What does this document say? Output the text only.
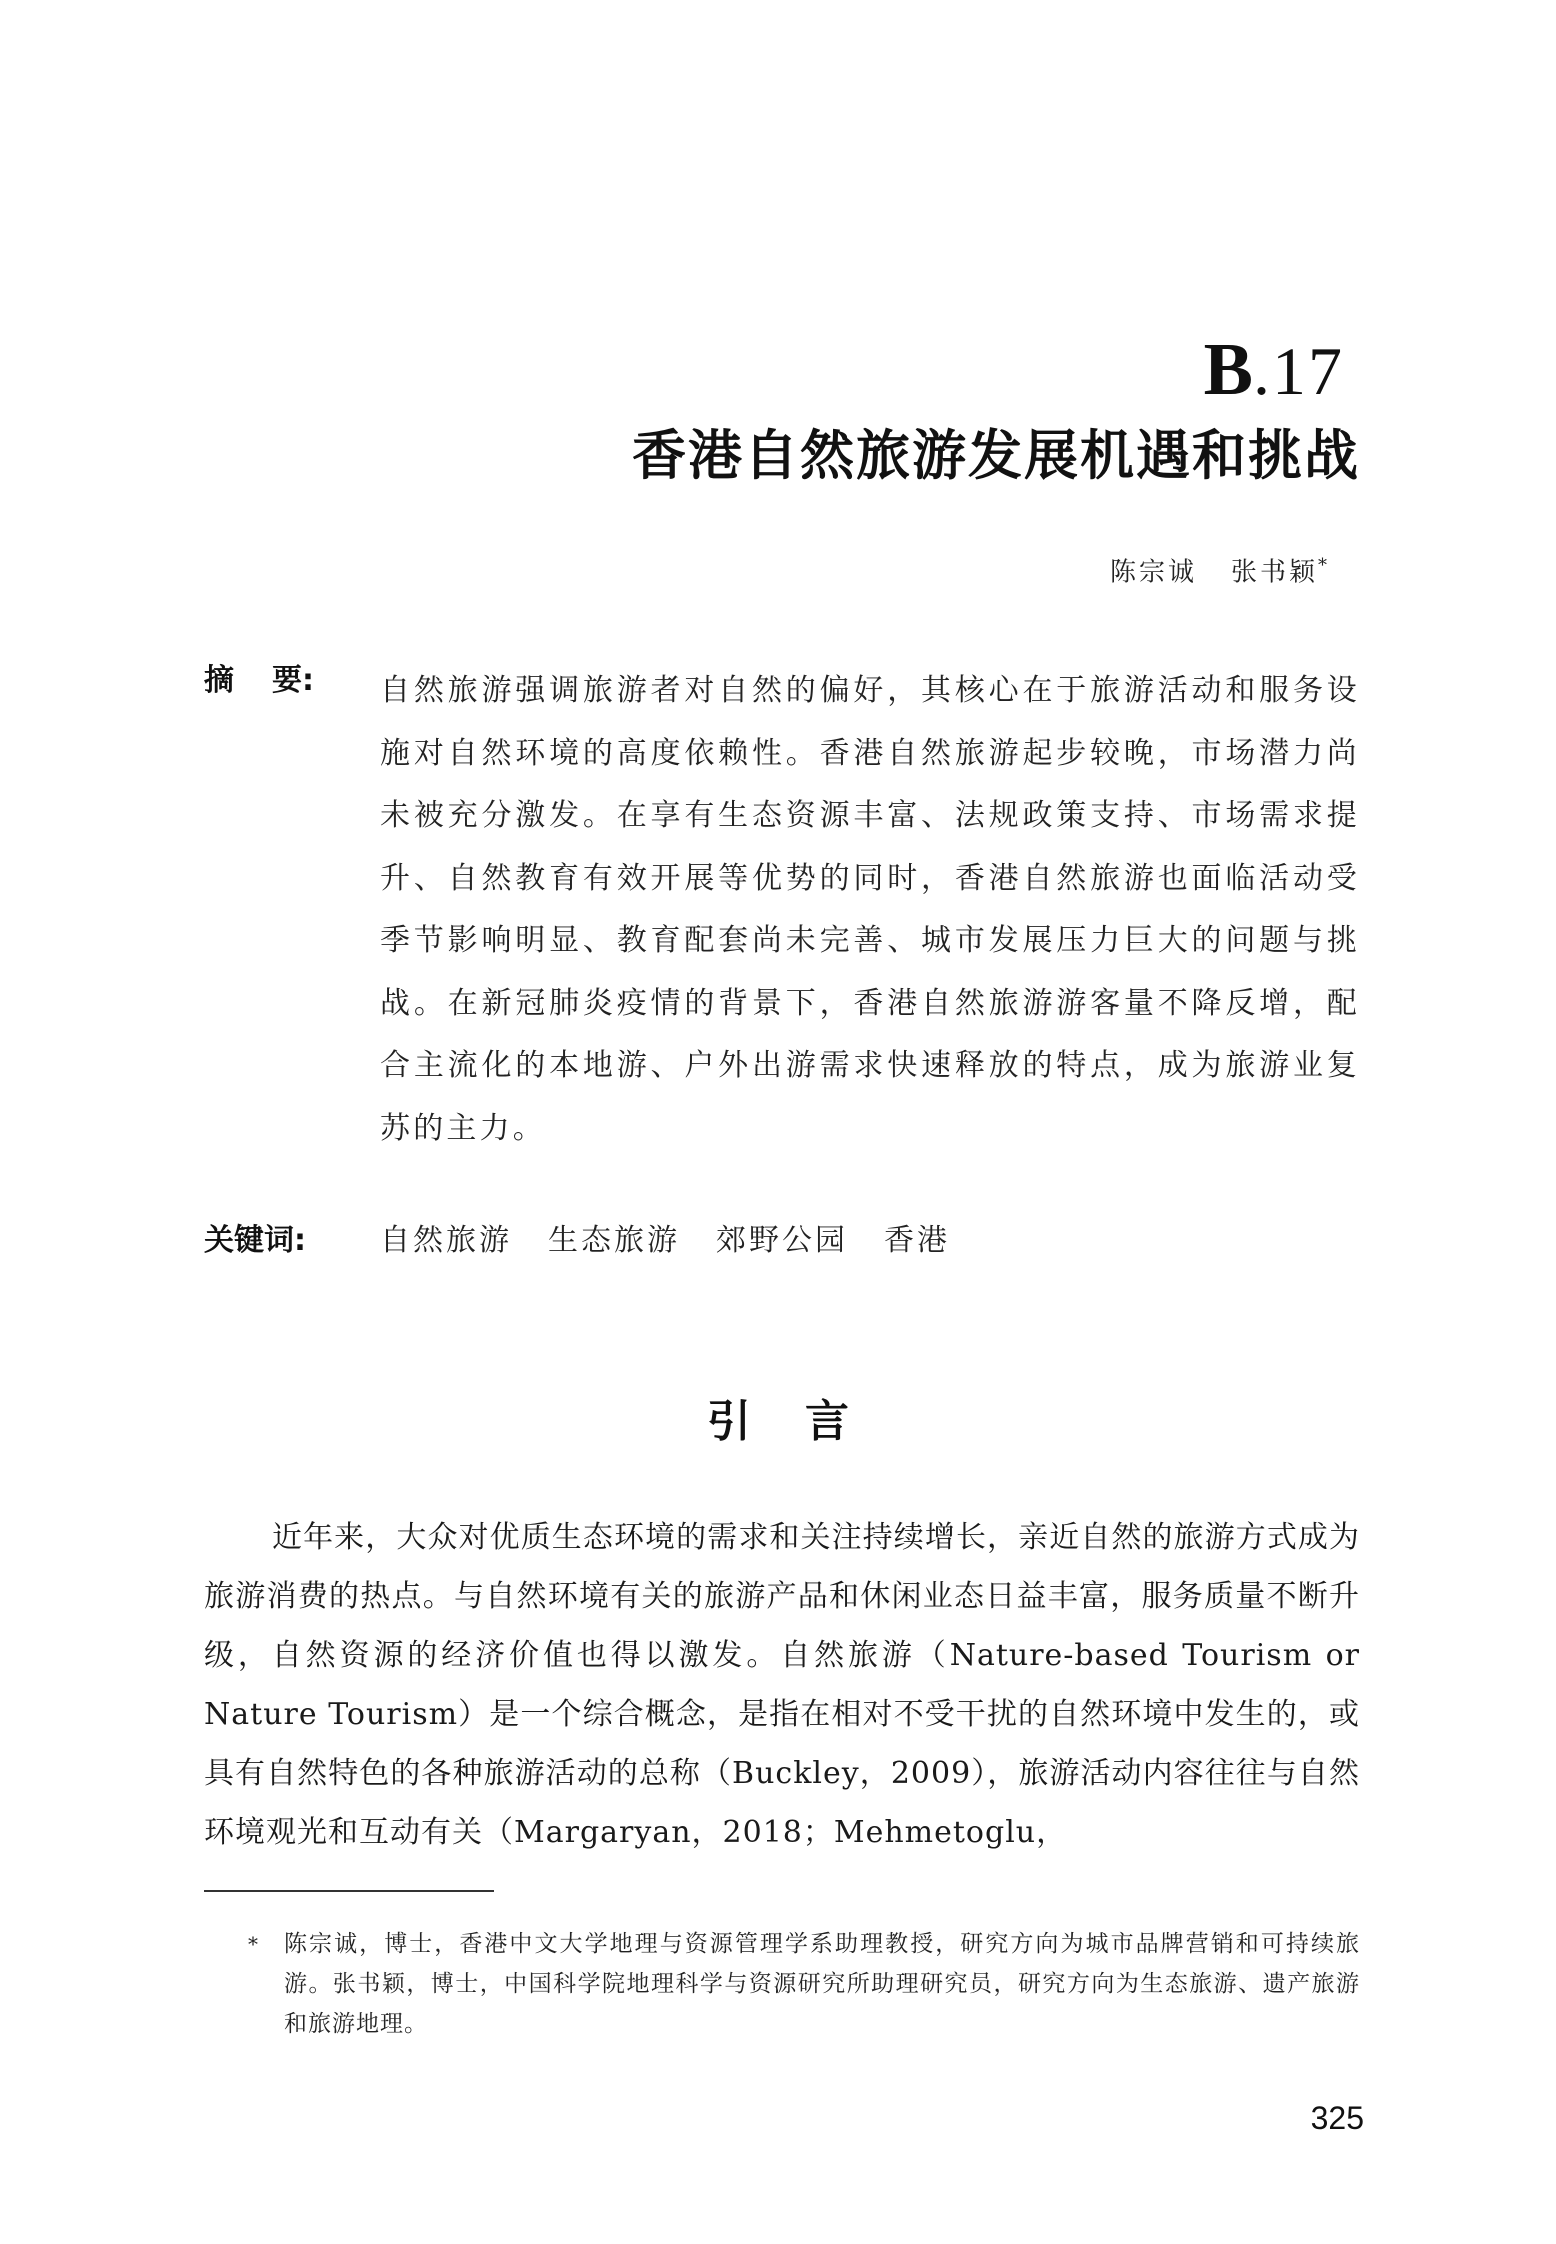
B.17
香港自然旅游发展机遇和挑战
陈宗诚 张书颖*
摘 要: 自然旅游强调旅游者对自然的偏好，其核心在于旅游活动和服务设施对自然环境的高度依赖性。香港自然旅游起步较晚，市场潜力尚未被充分激发。在享有生态资源丰富、法规政策支持、市场需求提升、自然教育有效开展等优势的同时，香港自然旅游也面临活动受季节影响明显、教育配套尚未完善、城市发展压力巨大的问题与挑战。在新冠肺炎疫情的背景下，香港自然旅游游客量不降反增，配合主流化的本地游、户外出游需求快速释放的特点，成为旅游业复苏的主力。
关键词: 自然旅游 生态旅游 郊野公园 香港
引言
近年来，大众对优质生态环境的需求和关注持续增长，亲近自然的旅游方式成为旅游消费的热点。与自然环境有关的旅游产品和休闲业态日益丰富，服务质量不断升级，自然资源的经济价值也得以激发。自然旅游（Nature-based Tourism or Nature Tourism）是一个综合概念，是指在相对不受干扰的自然环境中发生的，或具有自然特色的各种旅游活动的总称（Buckley，2009），旅游活动内容往往与自然环境观光和互动有关（Margaryan，2018；Mehmetoglu，
* 陈宗诚，博士，香港中文大学地理与资源管理学系助理教授，研究方向为城市品牌营销和可持续旅游。张书颖，博士，中国科学院地理科学与资源研究所助理研究员，研究方向为生态旅游、遗产旅游和旅游地理。
325
